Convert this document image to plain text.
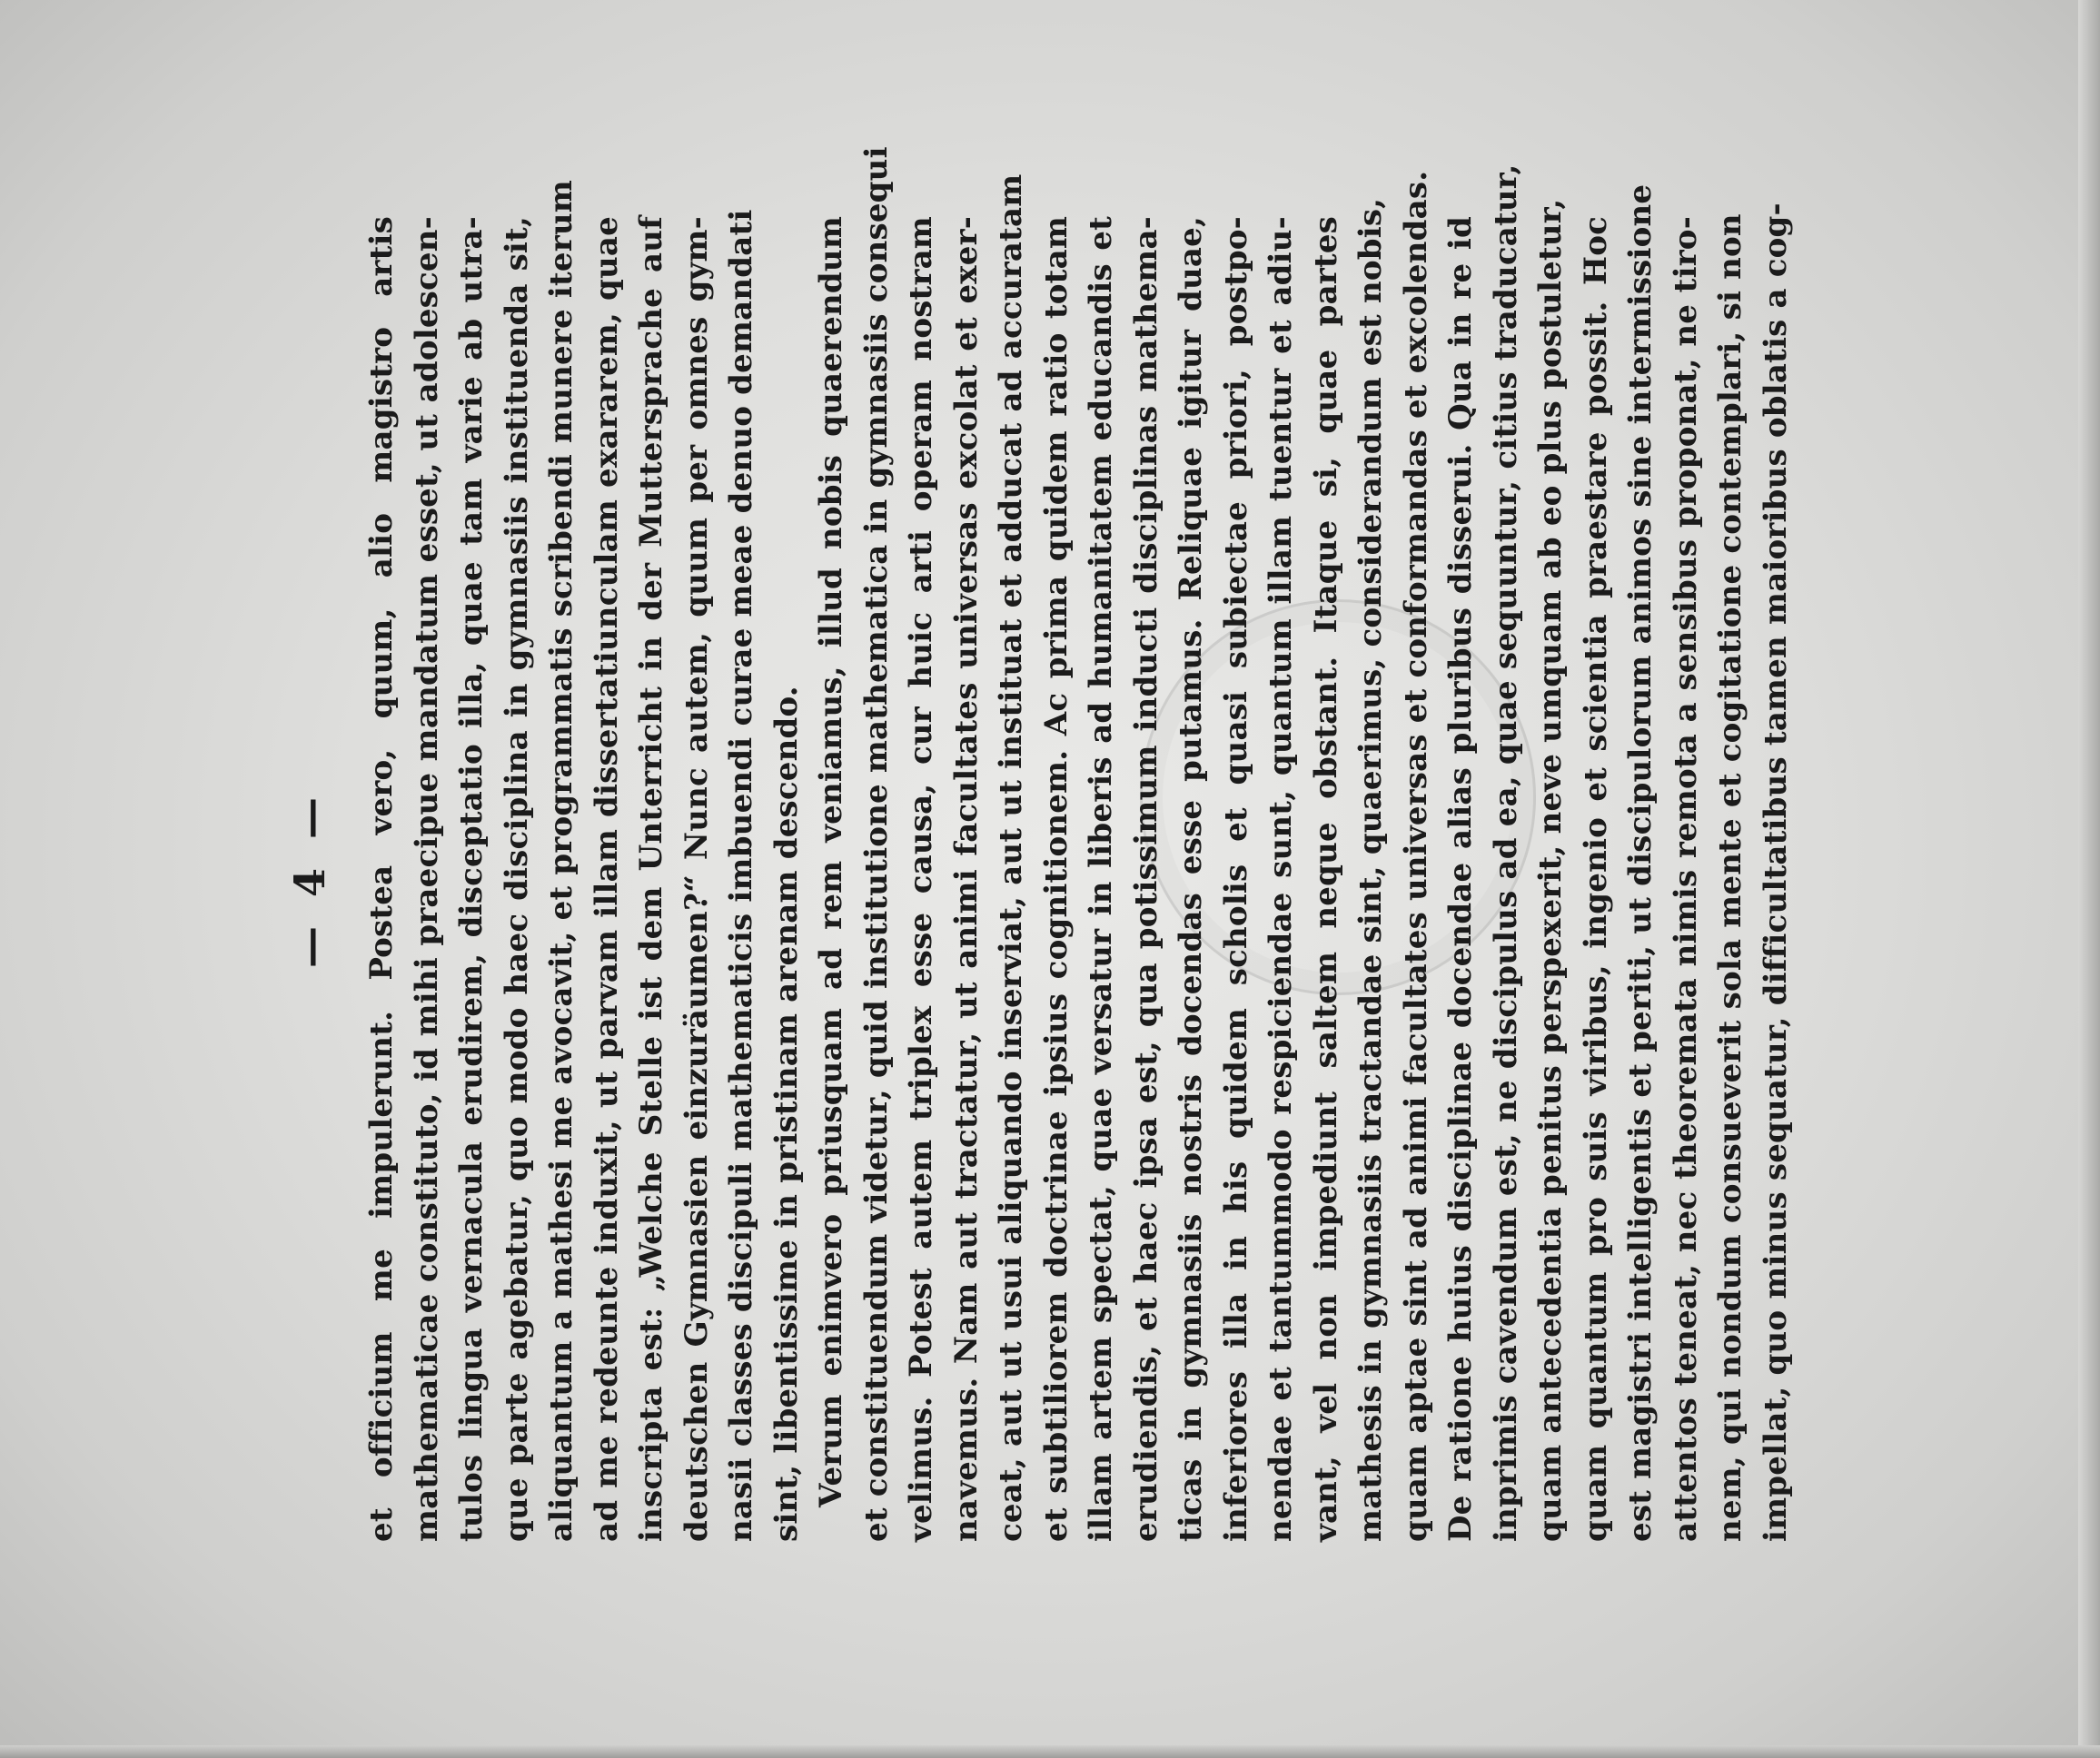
— 4 — et officium me impulerunt. Postea vero, quum, alio magistro artis mathematicae constituto, id mihi praecipue mandatum esset, ut adolescen- tulos lingua vernacula erudirem, disceptatio illa, quae tam varie ab utra- que parte agebatur, quo modo haec disciplina in gymnasiis instituenda sit, aliquantum a mathesi me avocavit, et programmatis scribendi munere iterum ad me redeunte induxit, ut parvam illam dissertatiunculam exararem, quae inscripta est: „Welche Stelle ist dem Unterricht in der Muttersprache auf deutschen Gymnasien einzuräumen?“ Nunc autem, quum per omnes gym- nasii classes discipuli mathematicis imbuendi curae meae denuo demandati sint, libentissime in pristinam arenam descendo. Verum enimvero priusquam ad rem veniamus, illud nobis quaerendum et constituendum videtur, quid institutione mathematica in gymnasiis consequi velimus. Potest autem triplex esse causa, cur huic arti operam nostram navemus. Nam aut tractatur, ut animi facultates universas excolat et exer- ceat, aut ut usui aliquando inserviat, aut ut instituat et adducat ad accuratam et subtiliorem doctrinae ipsius cognitionem. Ac prima quidem ratio totam illam artem spectat, quae versatur in liberis ad humanitatem educandis et erudiendis, et haec ipsa est, qua potissimum inducti disciplinas mathema- ticas in gymnasiis nostris docendas esse putamus. Reliquae igitur duae, inferiores illa in his quidem scholis et quasi subiectae priori, postpo- nendae et tantummodo respiciendae sunt, quantum illam tuentur et adiu- vant, vel non impediunt saltem neque obstant. Itaque si, quae partes mathesis in gymnasiis tractandae sint, quaerimus, considerandum est nobis, quam aptae sint ad animi facultates universas et conformandas et excolendas. De ratione huius disciplinae docendae alias pluribus disserui. Qua in re id inprimis cavendum est, ne discipulus ad ea, quae sequuntur, citius traducatur, quam antecedentia penitus perspexerit, neve umquam ab eo plus postuletur, quam quantum pro suis viribus, ingenio et scientia praestare possit. Hoc est magistri intelligentis et periti, ut discipulorum animos sine intermissione attentos teneat, nec theoremata nimis remota a sensibus proponat, ne tiro- nem, qui nondum consueverit sola mente et cogitatione contemplari, si non impellat, quo minus sequatur, difficultatibus tamen maioribus oblatis a cog-
